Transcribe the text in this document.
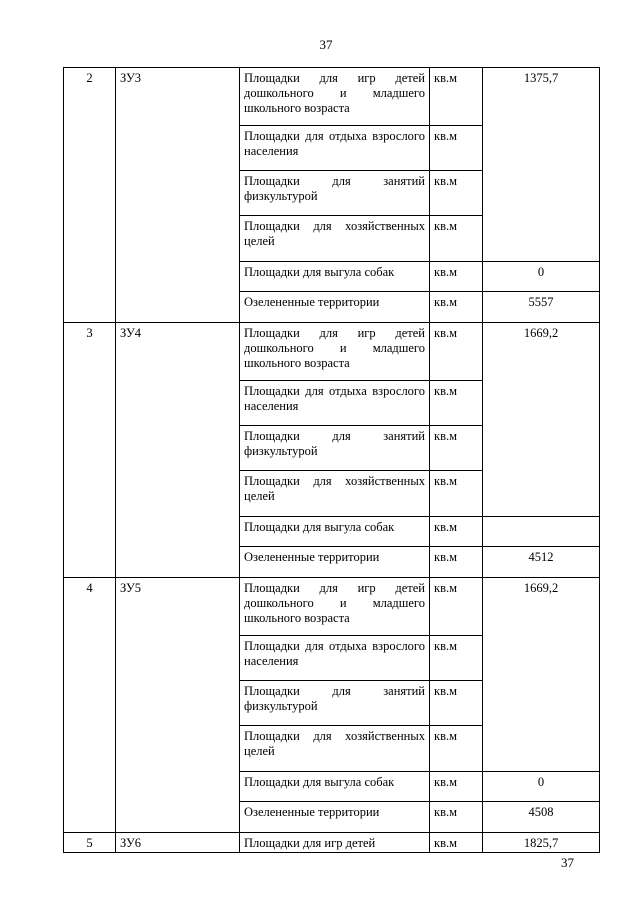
37
2	ЗУ3	Площадки для игр детей дошкольного и младшего школьного возраста	кв.м	1375,7

		Площадки для отдыха взрослого населения	кв.м	

		Площадки для занятий физкультурой	кв.м	

		Площадки для хозяйственных целей	кв.м	

		Площадки для выгула собак	кв.м	0

		Озелененные территории	кв.м	5557
3	ЗУ4	Площадки для игр детей дошкольного и младшего школьного возраста	кв.м	1669,2

		Площадки для отдыха взрослого населения	кв.м	

		Площадки для занятий физкультурой	кв.м	

		Площадки для хозяйственных целей	кв.м	

		Площадки для выгула собак	кв.м	

		Озелененные территории	кв.м	4512
4	ЗУ5	Площадки для игр детей дошкольного и младшего школьного возраста	кв.м	1669,2

		Площадки для отдыха взрослого населения	кв.м	

		Площадки для занятий физкультурой	кв.м	

		Площадки для хозяйственных целей	кв.м	

		Площадки для выгула собак	кв.м	0

		Озелененные территории	кв.м	4508
5	ЗУ6	Площадки для игр детей	кв.м	1825,7
37
